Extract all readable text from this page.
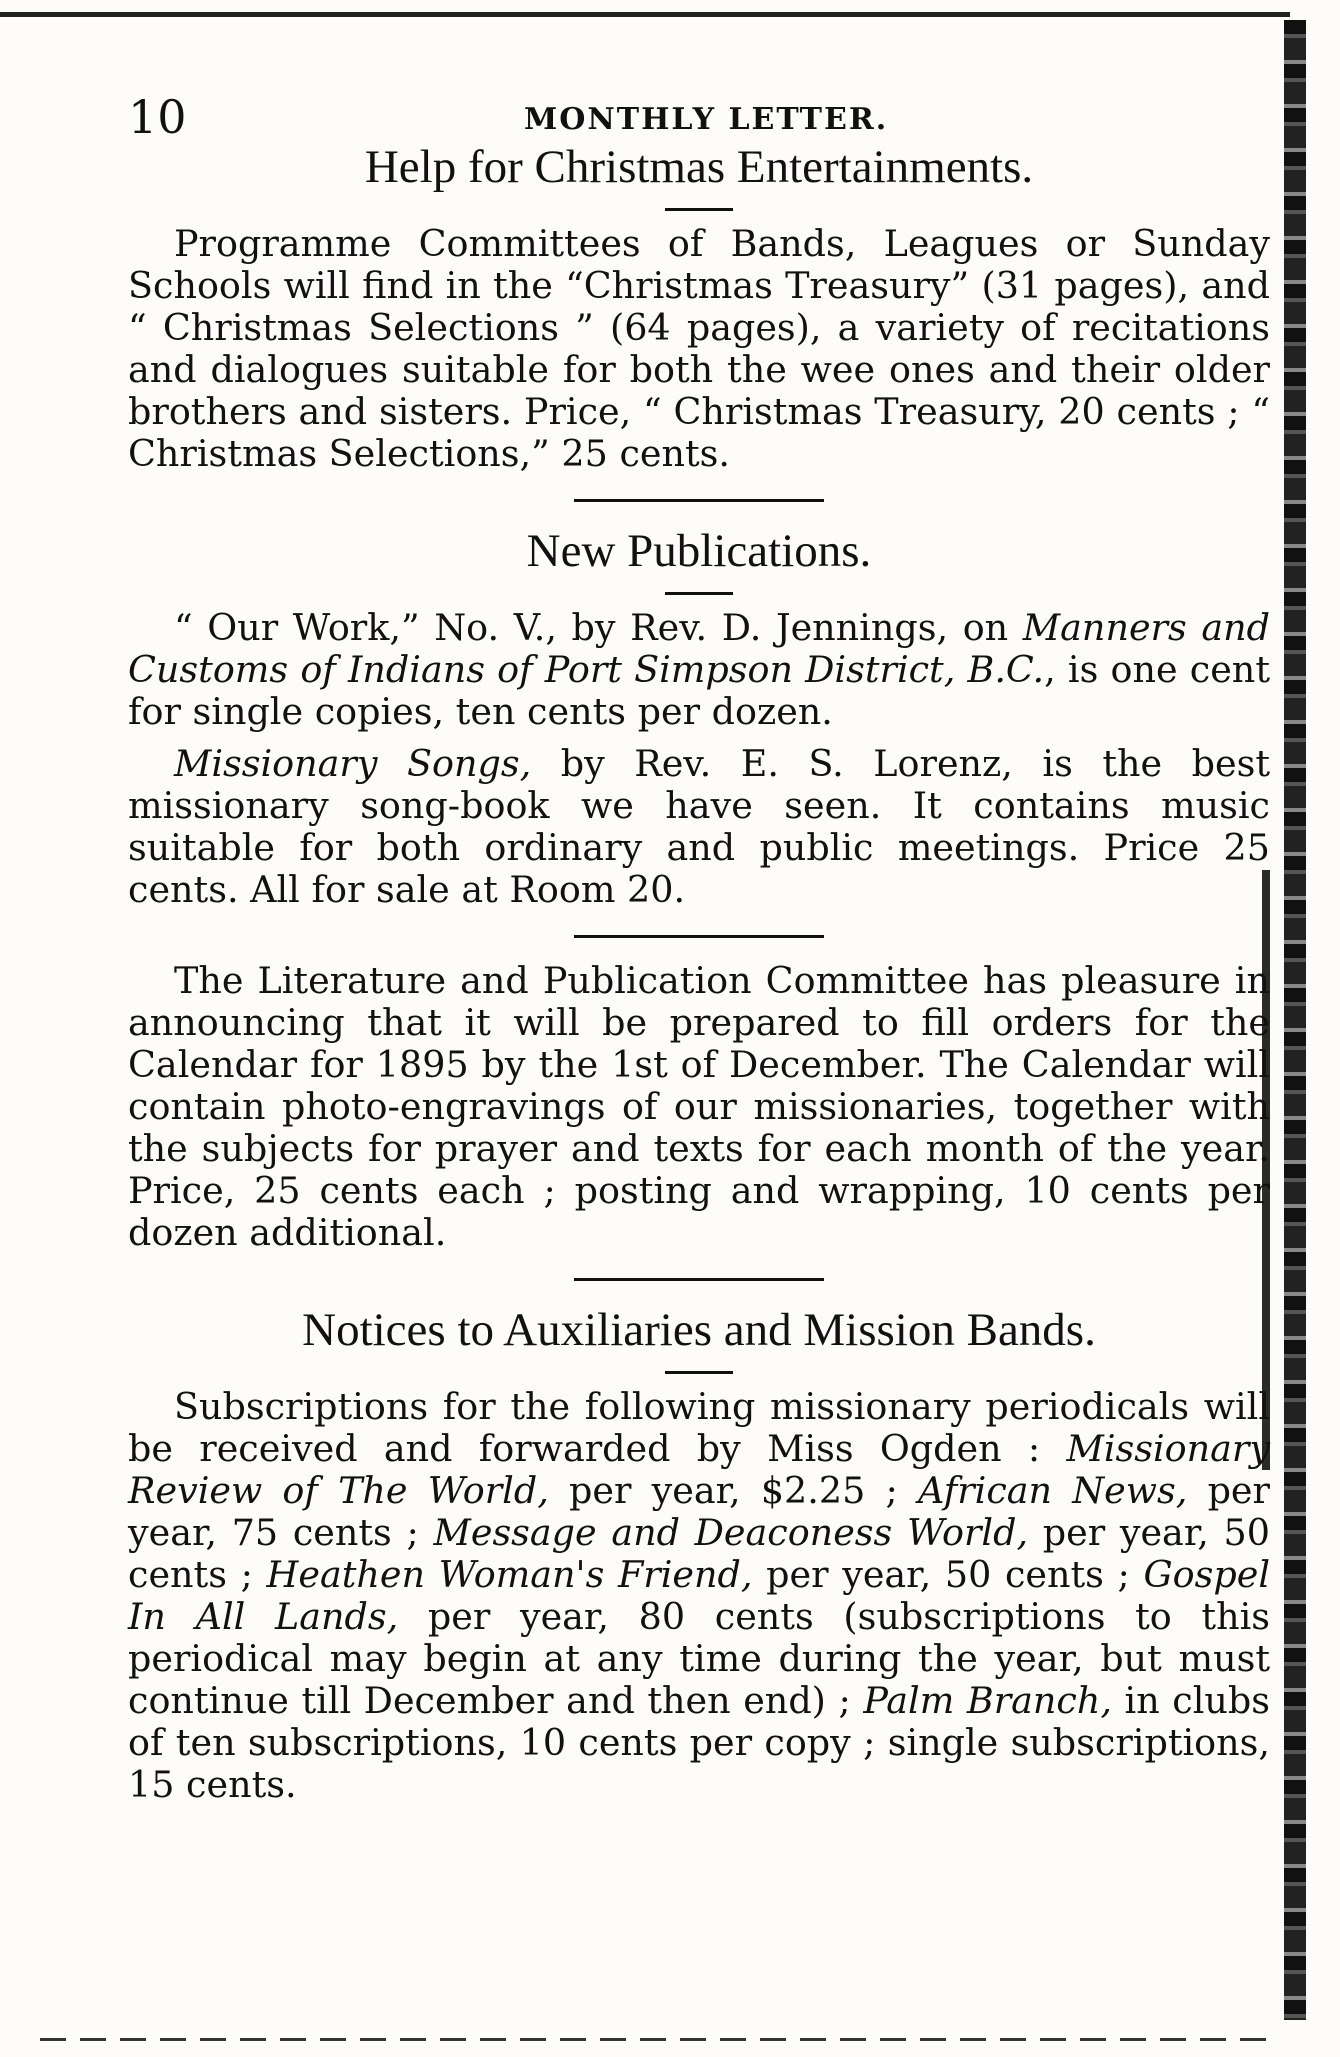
10	MONTHLY LETTER.
Help for Christmas Entertainments.

Programme Committees of Bands, Leagues or Sunday Schools will find in the “Christmas Treasury” (31 pages), and “ Christmas Selections ” (64 pages), a variety of recitations and dialogues suitable for both the wee ones and their older brothers and sisters. Price, “ Christmas Treasury, 20 cents ; “ Christmas Selections,” 25 cents.

New Publications.

“ Our Work,” No. V., by Rev. D. Jennings, on Manners and Customs of Indians of Port Simpson District, B.C., is one cent for single copies, ten cents per dozen.

Missionary Songs, by Rev. E. S. Lorenz, is the best missionary song-book we have seen. It contains music suitable for both ordinary and public meetings. Price 25 cents. All for sale at Room 20.

The Literature and Publication Committee has pleasure in announcing that it will be prepared to fill orders for the Calendar for 1895 by the 1st of December. The Calendar will contain photo-engravings of our missionaries, together with the subjects for prayer and texts for each month of the year. Price, 25 cents each ; posting and wrapping, 10 cents per dozen additional.

Notices to Auxiliaries and Mission Bands.

Subscriptions for the following missionary periodicals will be received and forwarded by Miss Ogden : Missionary Review of The World, per year, $2.25 ; African News, per year, 75 cents ; Message and Deaconess World, per year, 50 cents ; Heathen Woman's Friend, per year, 50 cents ; Gospel In All Lands, per year, 80 cents (subscriptions to this periodical may begin at any time during the year, but must continue till December and then end) ; Palm Branch, in clubs of ten subscriptions, 10 cents per copy ; single subscriptions, 15 cents.
